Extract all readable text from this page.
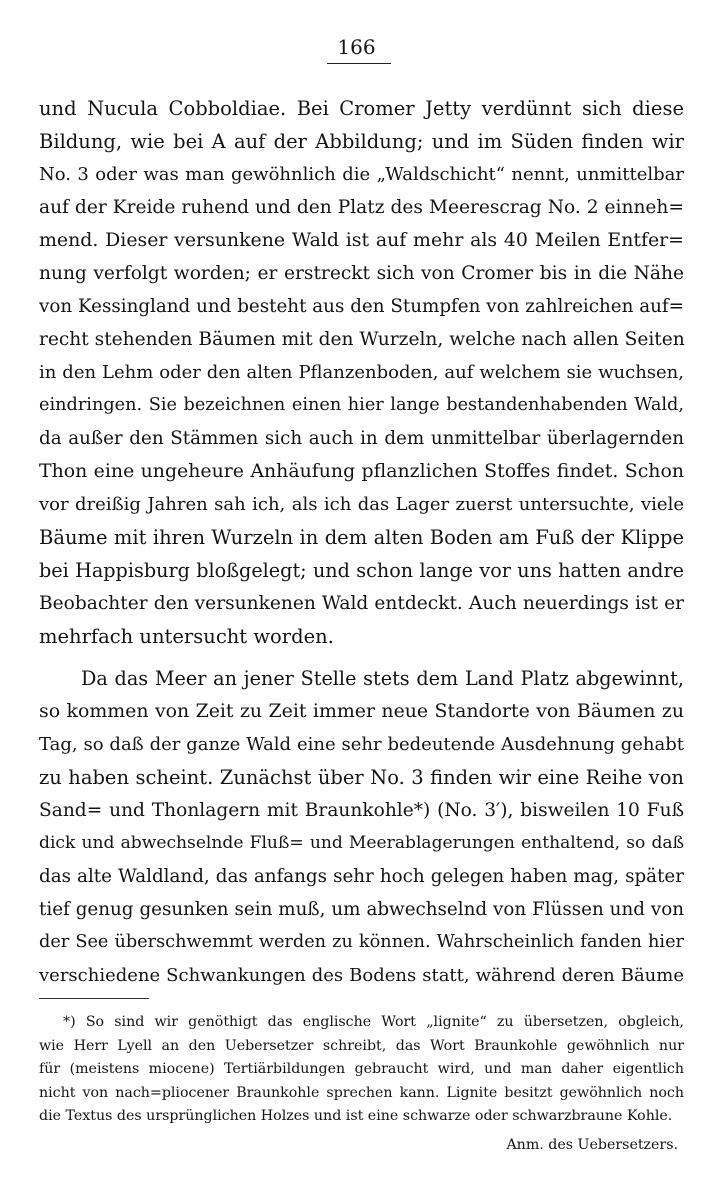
166
und Nucula Cobboldiae. Bei Cromer Jetty verdünnt sich diese
Bildung, wie bei A auf der Abbildung; und im Süden finden wir
No. 3 oder was man gewöhnlich die „Waldschicht“ nennt, unmittelbar
auf der Kreide ruhend und den Platz des Meerescrag No. 2 einneh=
mend. Dieser versunkene Wald ist auf mehr als 40 Meilen Entfer=
nung verfolgt worden; er erstreckt sich von Cromer bis in die Nähe
von Kessingland und besteht aus den Stumpfen von zahlreichen auf=
recht stehenden Bäumen mit den Wurzeln, welche nach allen Seiten
in den Lehm oder den alten Pflanzenboden, auf welchem sie wuchsen,
eindringen. Sie bezeichnen einen hier lange bestandenhabenden Wald,
da außer den Stämmen sich auch in dem unmittelbar überlagernden
Thon eine ungeheure Anhäufung pflanzlichen Stoffes findet. Schon
vor dreißig Jahren sah ich, als ich das Lager zuerst untersuchte, viele
Bäume mit ihren Wurzeln in dem alten Boden am Fuß der Klippe
bei Happisburg bloßgelegt; und schon lange vor uns hatten andre
Beobachter den versunkenen Wald entdeckt. Auch neuerdings ist er
mehrfach untersucht worden.
Da das Meer an jener Stelle stets dem Land Platz abgewinnt,
so kommen von Zeit zu Zeit immer neue Standorte von Bäumen zu
Tag, so daß der ganze Wald eine sehr bedeutende Ausdehnung gehabt
zu haben scheint. Zunächst über No. 3 finden wir eine Reihe von
Sand= und Thonlagern mit Braunkohle*) (No. 3′), bisweilen 10 Fuß
dick und abwechselnde Fluß= und Meerablagerungen enthaltend, so daß
das alte Waldland, das anfangs sehr hoch gelegen haben mag, später
tief genug gesunken sein muß, um abwechselnd von Flüssen und von
der See überschwemmt werden zu können. Wahrscheinlich fanden hier
verschiedene Schwankungen des Bodens statt, während deren Bäume
*) So sind wir genöthigt das englische Wort „lignite“ zu übersetzen, obgleich,
wie Herr Lyell an den Uebersetzer schreibt, das Wort Braunkohle gewöhnlich nur
für (meistens miocene) Tertiärbildungen gebraucht wird, und man daher eigentlich
nicht von nach=pliocener Braunkohle sprechen kann. Lignite besitzt gewöhnlich noch
die Textus des ursprünglichen Holzes und ist eine schwarze oder schwarzbraune Kohle.
Anm. des Uebersetzers.
